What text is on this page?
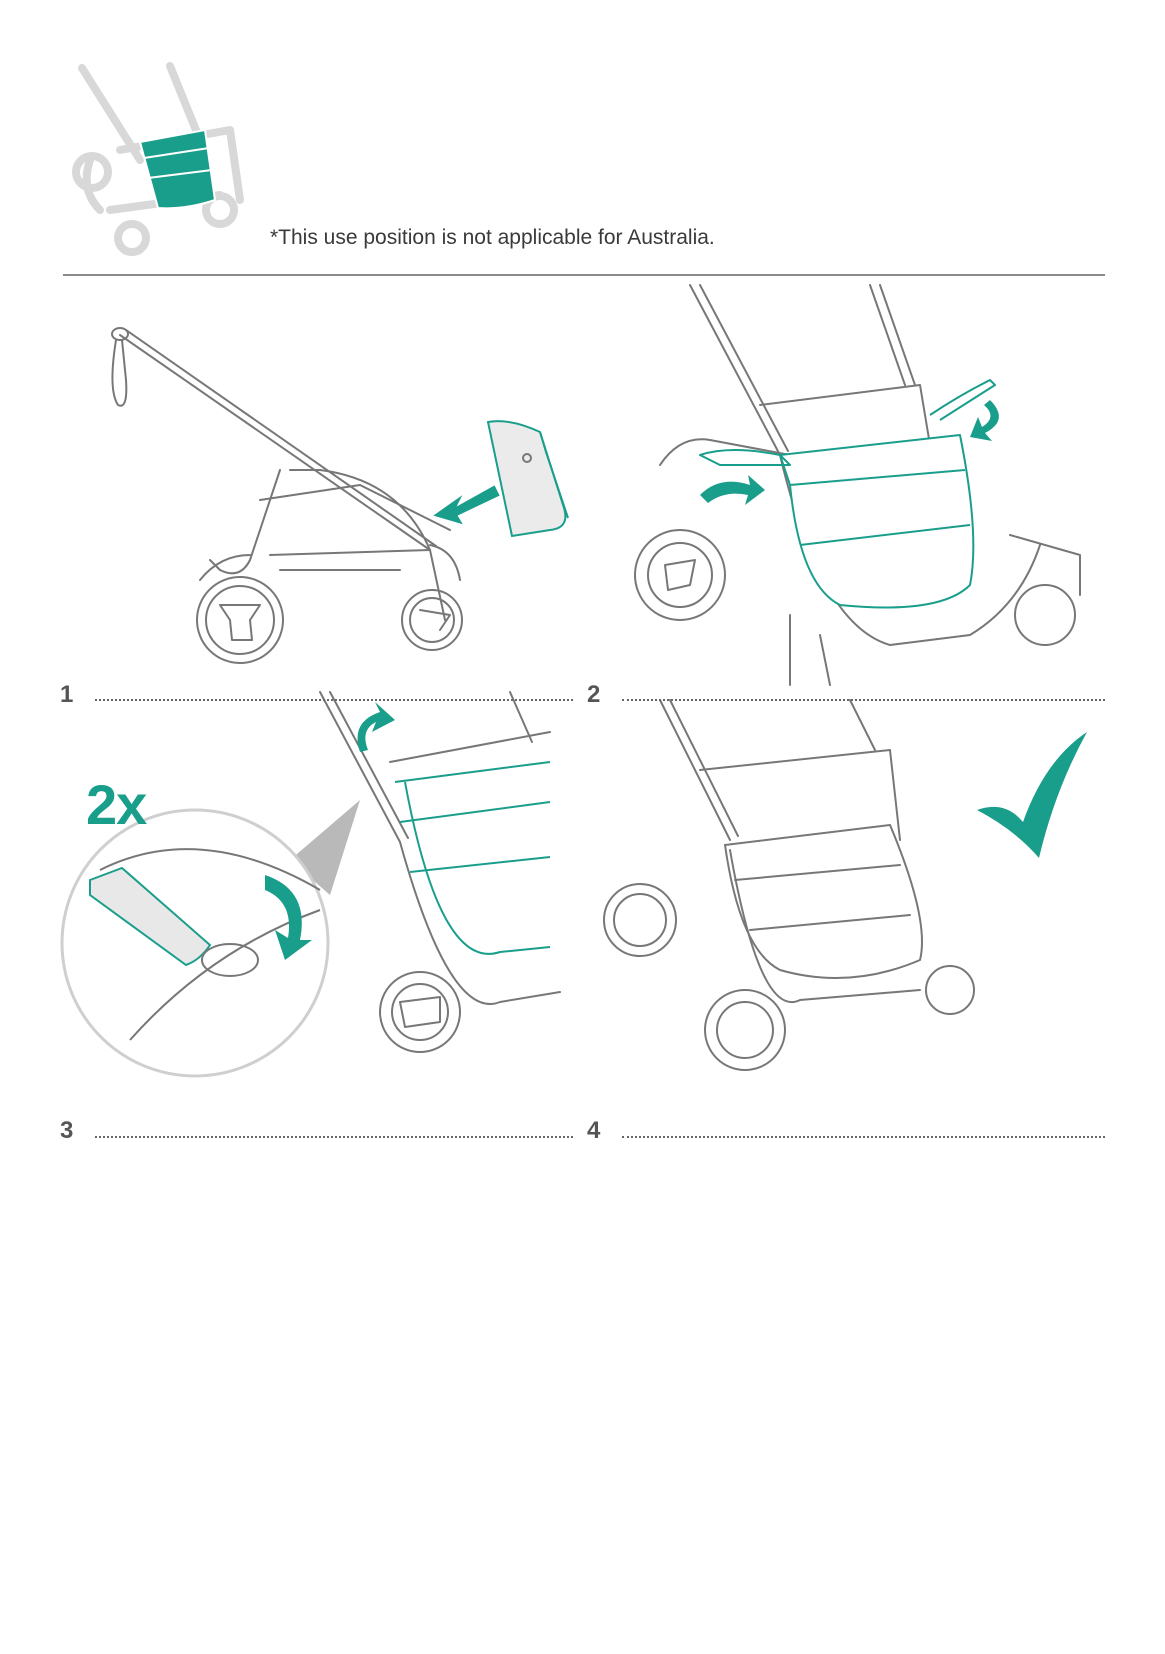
*This use position is not applicable for Australia.
2x
1	2
3	4
